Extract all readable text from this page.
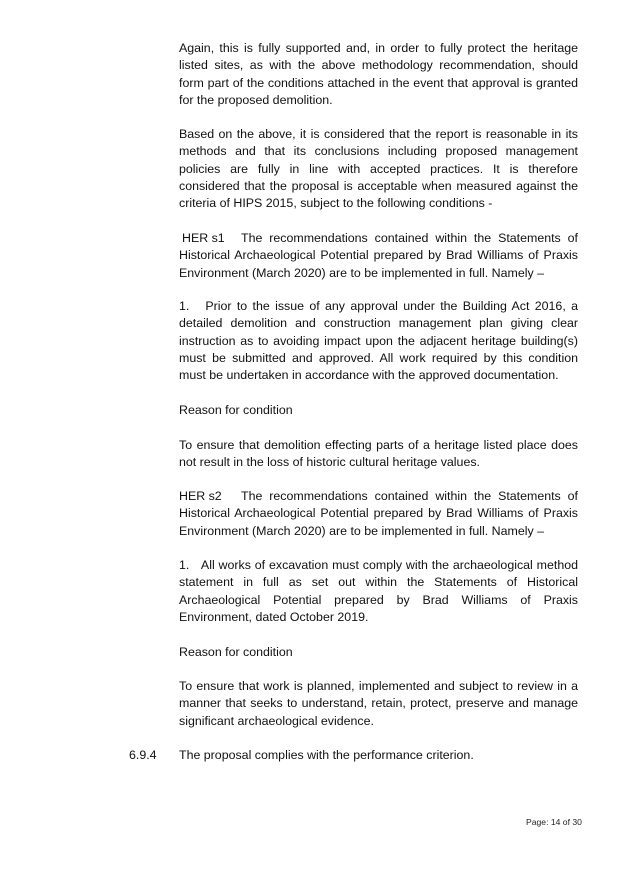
Again, this is fully supported and, in order to fully protect the heritage listed sites, as with the above methodology recommendation, should form part of the conditions attached in the event that approval is granted for the proposed demolition.

Based on the above, it is considered that the report is reasonable in its methods and that its conclusions including proposed management policies are fully in line with accepted practices. It is therefore considered that the proposal is acceptable when measured against the criteria of HIPS 2015, subject to the following conditions -

HER s1 The recommendations contained within the Statements of Historical Archaeological Potential prepared by Brad Williams of Praxis Environment (March 2020) are to be implemented in full. Namely –

1.   Prior to the issue of any approval under the Building Act 2016, a detailed demolition and construction management plan giving clear instruction as to avoiding impact upon the adjacent heritage building(s) must be submitted and approved. All work required by this condition must be undertaken in accordance with the approved documentation.

Reason for condition

To ensure that demolition effecting parts of a heritage listed place does not result in the loss of historic cultural heritage values.

HER s2 The recommendations contained within the Statements of Historical Archaeological Potential prepared by Brad Williams of Praxis Environment (March 2020) are to be implemented in full. Namely –

1.   All works of excavation must comply with the archaeological method statement in full as set out within the Statements of Historical Archaeological Potential prepared by Brad Williams of Praxis Environment, dated October 2019.

Reason for condition

To ensure that work is planned, implemented and subject to review in a manner that seeks to understand, retain, protect, preserve and manage significant archaeological evidence.

6.9.4 The proposal complies with the performance criterion.

Page: 14 of 30
